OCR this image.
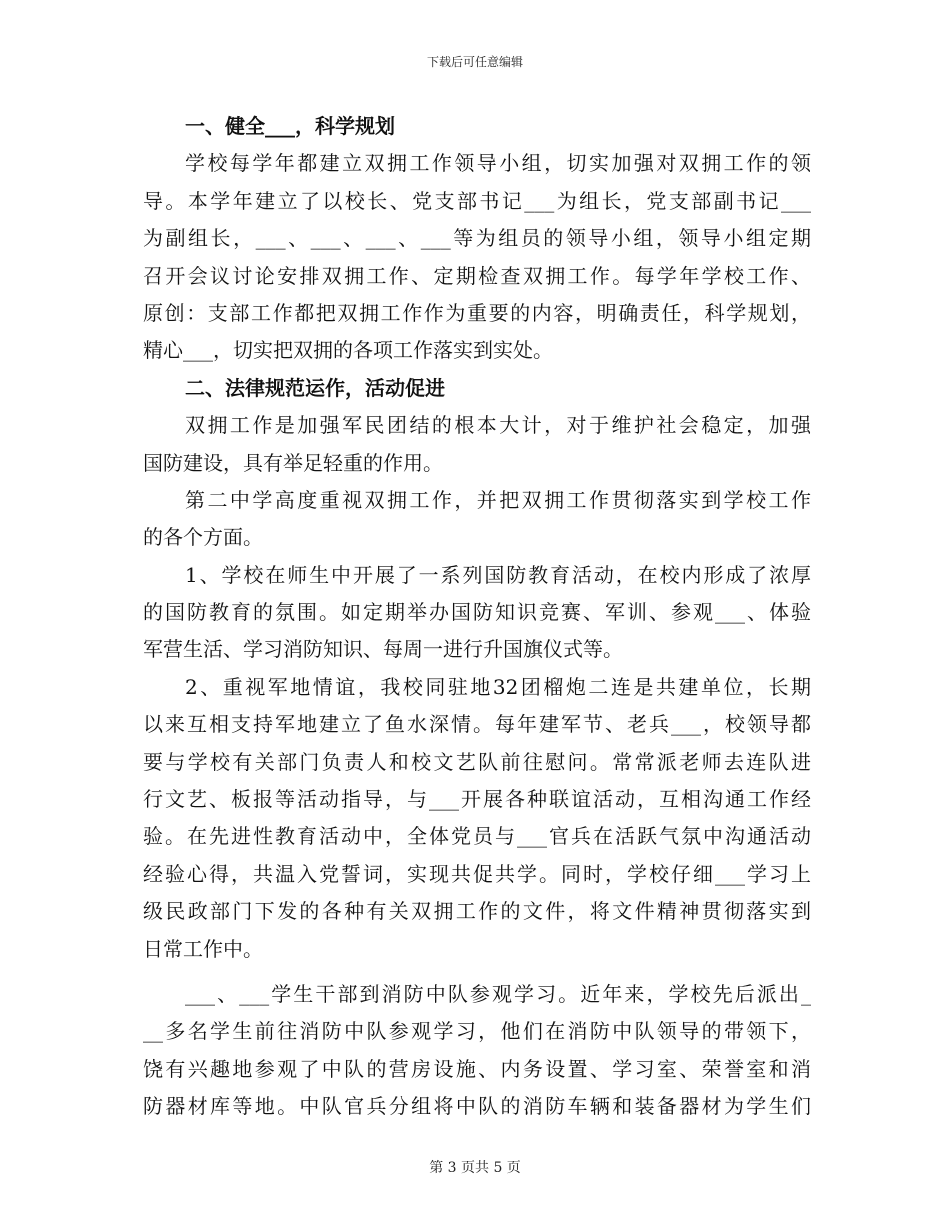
下载后可任意编辑
一、健全___，科学规划
学校每学年都建立双拥工作领导小组，切实加强对双拥工作的领
导。本学年建立了以校长、党支部书记___为组长，党支部副书记___
为副组长，___、___、___、___等为组员的领导小组，领导小组定期
召开会议讨论安排双拥工作、定期检查双拥工作。每学年学校工作、
原创：支部工作都把双拥工作作为重要的内容，明确责任，科学规划，
精心___，切实把双拥的各项工作落实到实处。
二、法律规范运作，活动促进
双拥工作是加强军民团结的根本大计，对于维护社会稳定，加强
国防建设，具有举足轻重的作用。
第二中学高度重视双拥工作，并把双拥工作贯彻落实到学校工作
的各个方面。
1、学校在师生中开展了一系列国防教育活动，在校内形成了浓厚
的国防教育的氛围。如定期举办国防知识竞赛、军训、参观___、体验
军营生活、学习消防知识、每周一进行升国旗仪式等。
2、重视军地情谊，我校同驻地32团榴炮二连是共建单位，长期
以来互相支持军地建立了鱼水深情。每年建军节、老兵___，校领导都
要与学校有关部门负责人和校文艺队前往慰问。常常派老师去连队进
行文艺、板报等活动指导，与___开展各种联谊活动，互相沟通工作经
验。在先进性教育活动中，全体党员与___官兵在活跃气氛中沟通活动
经验心得，共温入党誓词，实现共促共学。同时，学校仔细___学习上
级民政部门下发的各种有关双拥工作的文件，将文件精神贯彻落实到
日常工作中。
___、___学生干部到消防中队参观学习。近年来，学校先后派出_
__多名学生前往消防中队参观学习，他们在消防中队领导的带领下，
饶有兴趣地参观了中队的营房设施、内务设置、学习室、荣誉室和消
防器材库等地。中队官兵分组将中队的消防车辆和装备器材为学生们
第 3 页共 5 页
